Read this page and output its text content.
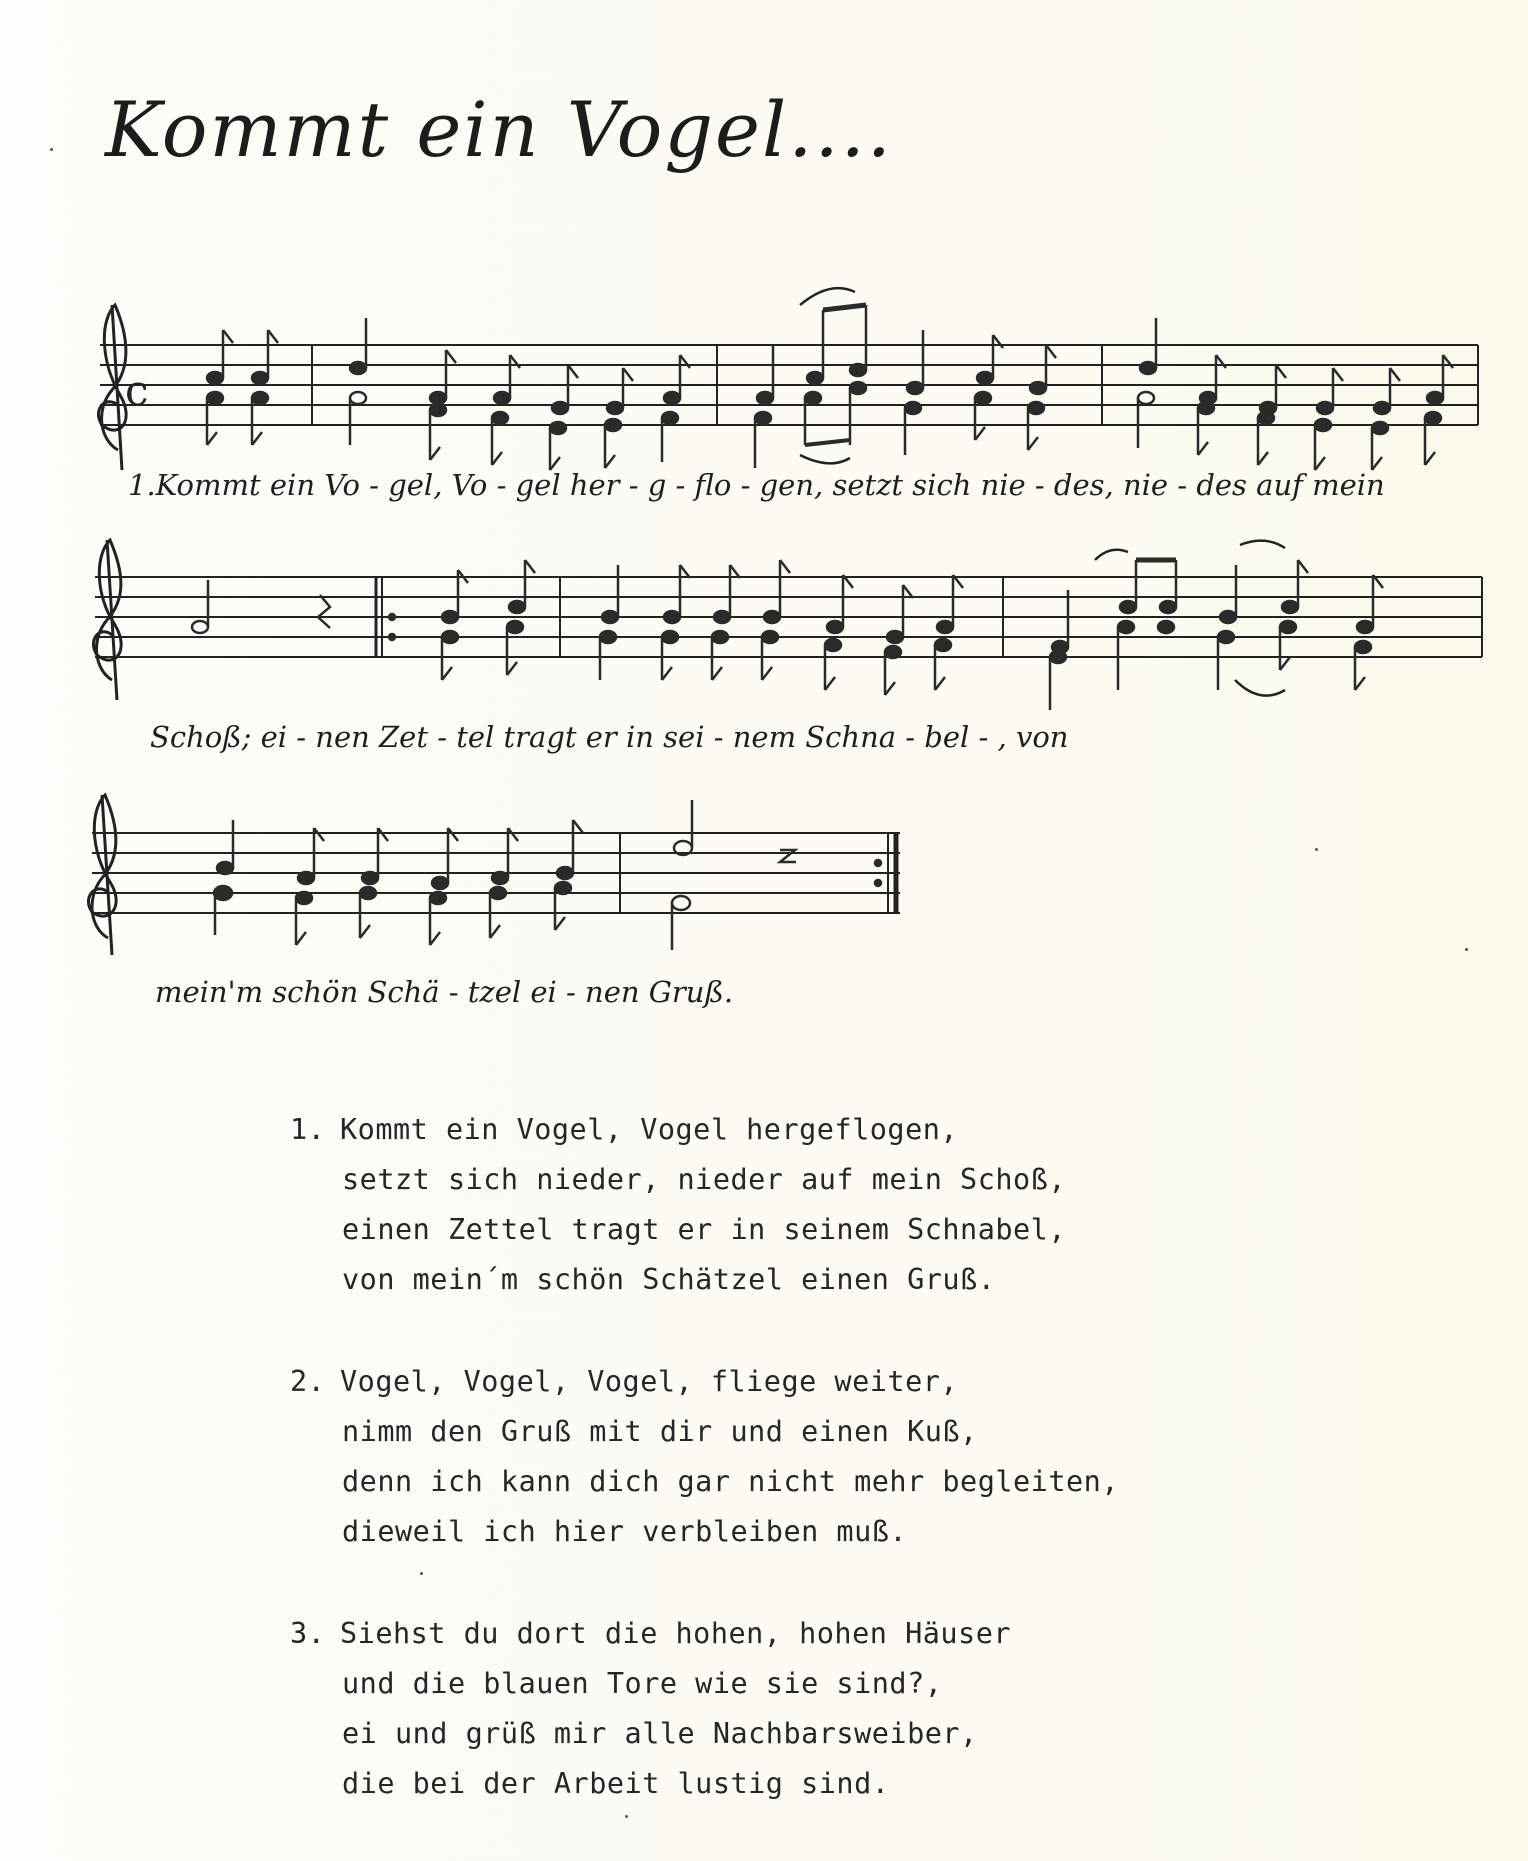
Kommt ein Vogel....
c

1.Kommt ein Vo - gel, Vo - gel her - g - flo - gen, setzt sich nie - des, nie - des auf mein

Schoß; ei - nen Zet - tel tragt er in sei - nem Schna - bel - , von

mein'm schön Schä - tzel ei - nen Gruß.

1. Kommt ein Vogel, Vogel hergeflogen,
setzt sich nieder, nieder auf mein Schoß,
einen Zettel tragt er in seinem Schnabel,
von mein´m schön Schätzel einen Gruß.
2. Vogel, Vogel, Vogel, fliege weiter,
nimm den Gruß mit dir und einen Kuß,
denn ich kann dich gar nicht mehr begleiten,
dieweil ich hier verbleiben muß.
3. Siehst du dort die hohen, hohen Häuser
und die blauen Tore wie sie sind?,
ei und grüß mir alle Nachbarsweiber,
die bei der Arbeit lustig sind.
